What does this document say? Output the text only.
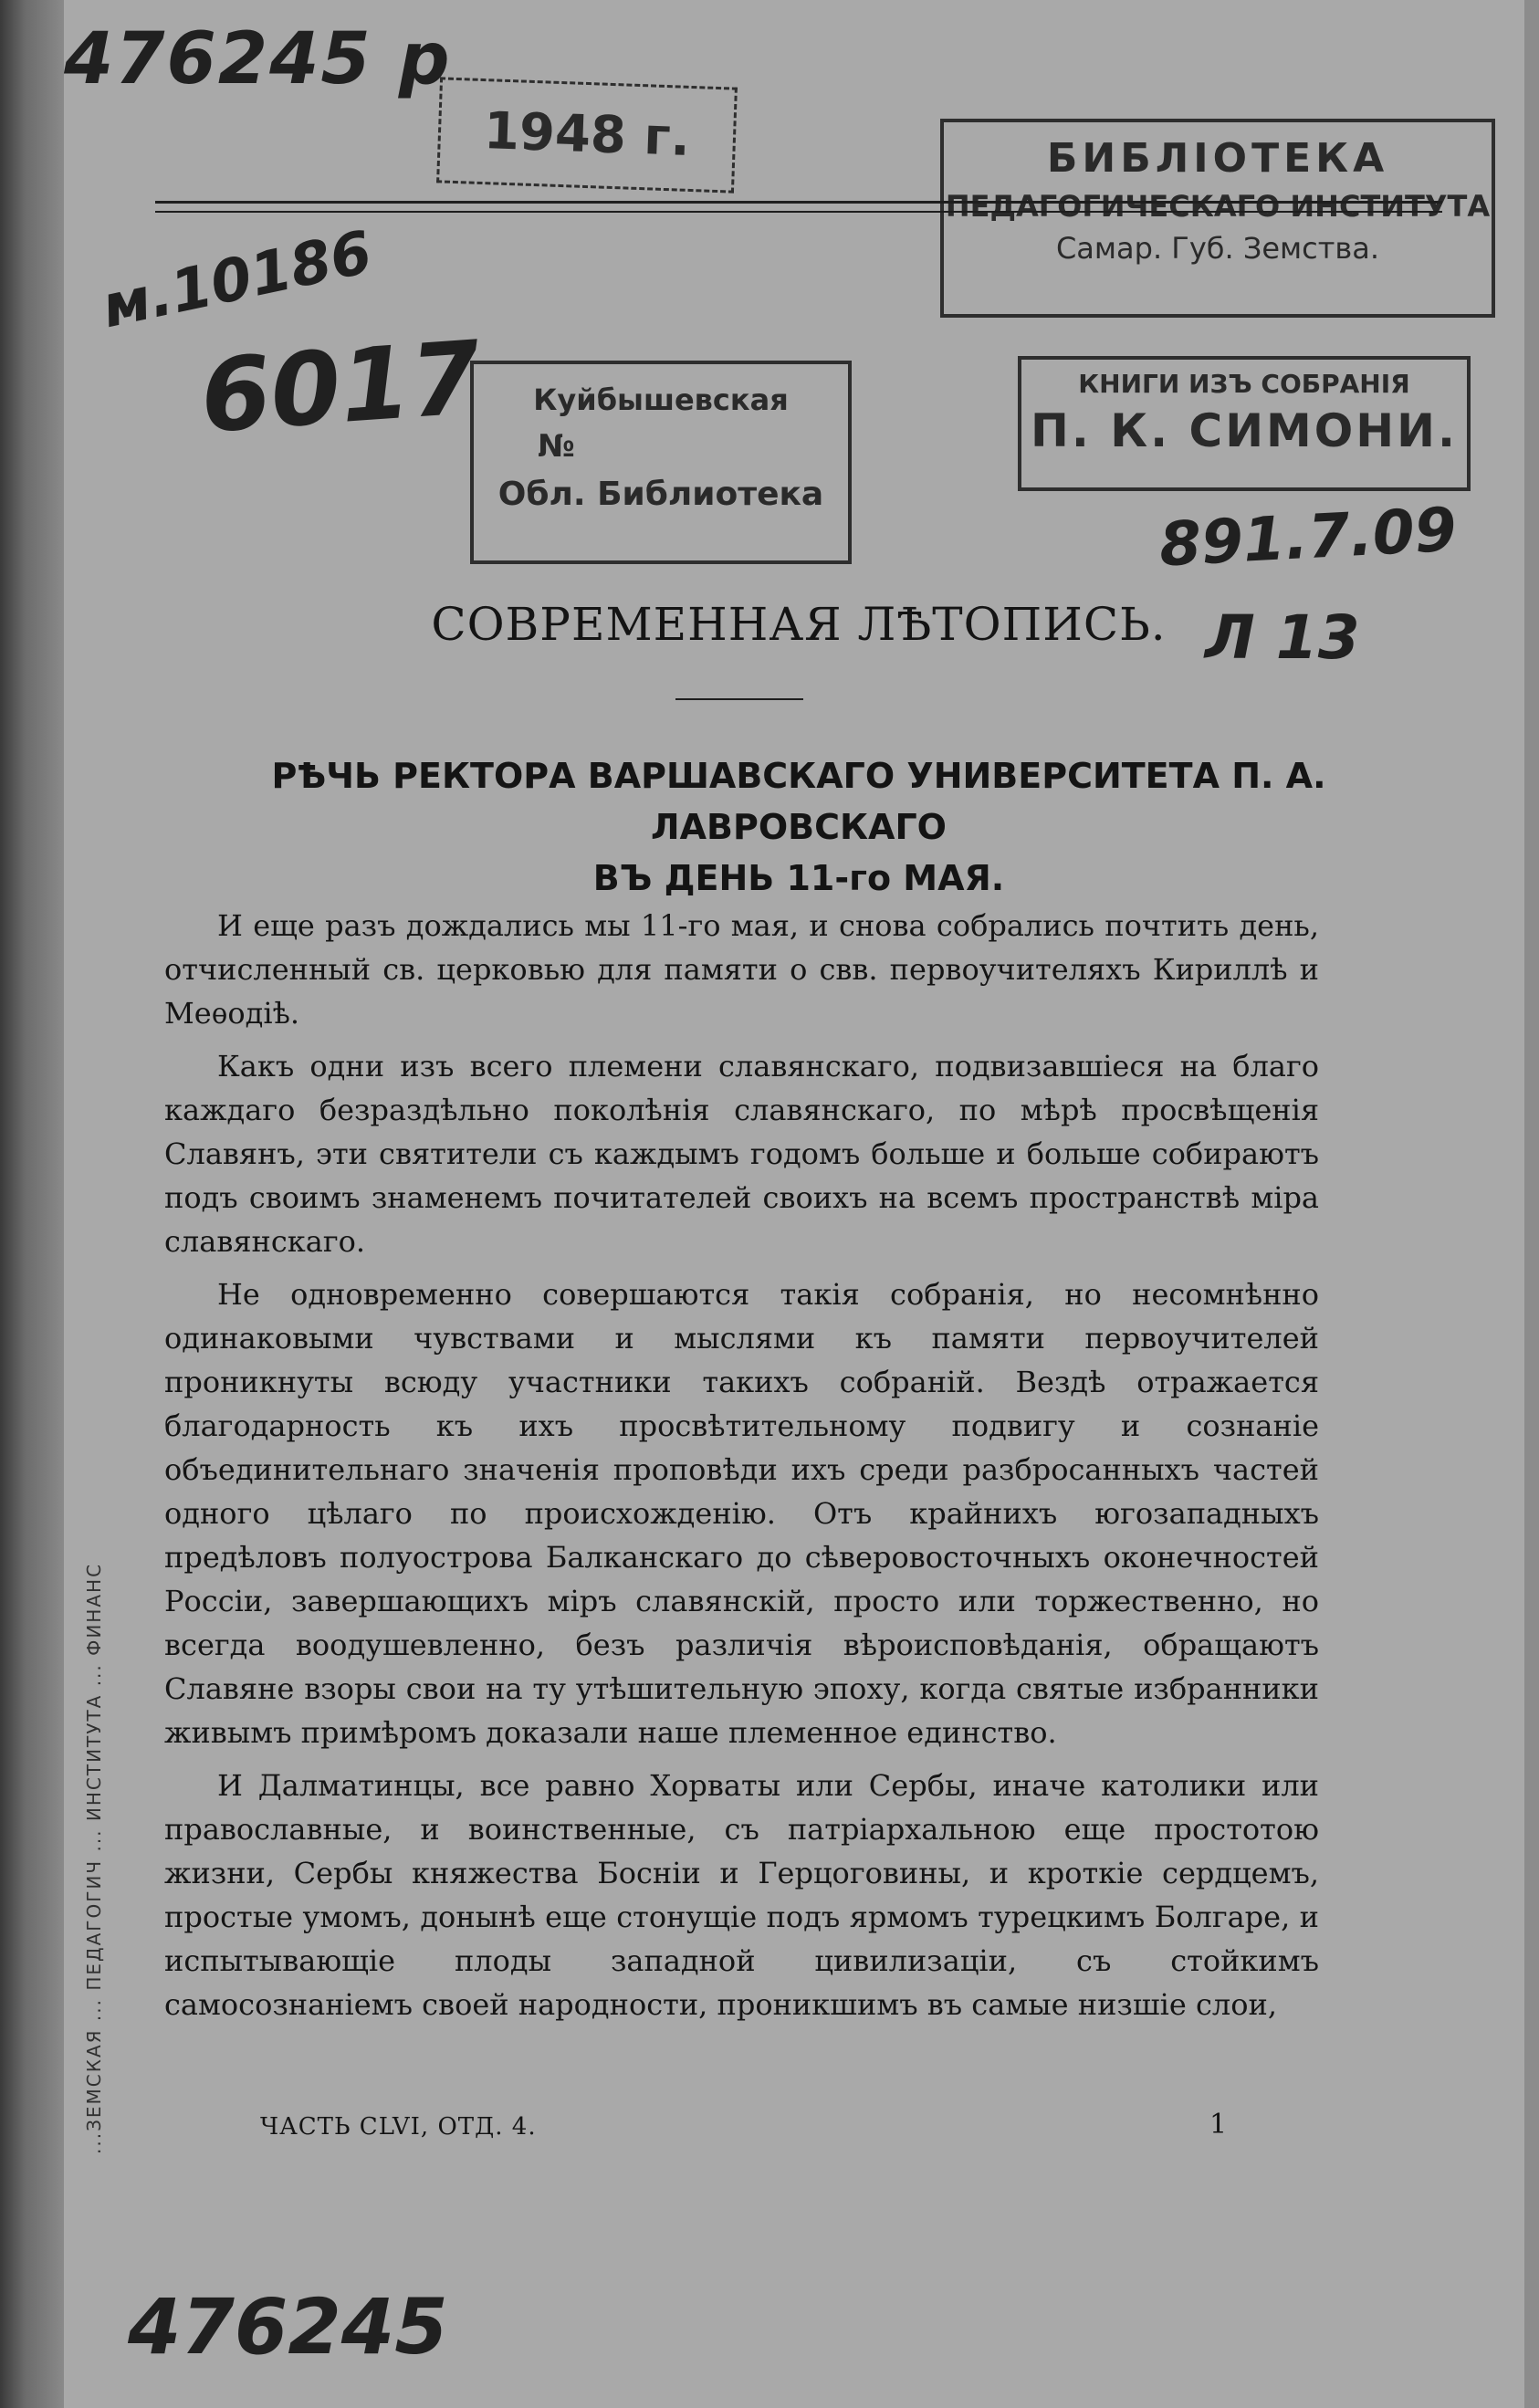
...ЗЕМСКАЯ ... ПЕДАГОГИЧ ... ИНСТИТУТА ... ФИНАНС
476245 р
м.10186
6017
891.7.09
Л 13
476245
1948 г.	БИБЛIОТЕКА
ПЕДАГОГИЧЕСКАГО ИНСТИТУТА
Самар. Губ. Земства.
КНИГИ ИЗЪ СОБРАНIЯ
П. К. СИМОНИ.
Куйбышевская
№
Обл. Библиотека
СОВРЕМЕННАЯ ЛѢТОПИСЬ.
РѢЧЬ РЕКТОРА ВАРШАВСКАГО УНИВЕРСИТЕТА П. А. ЛАВРОВСКАГО
ВЪ ДЕНЬ 11-го МАЯ.

И еще разъ дождались мы 11-го мая, и снова собрались почтить день, отчисленный св. церковью для памяти о свв. первоучителяхъ Кириллѣ и Меѳодіѣ.

Какъ одни изъ всего племени славянскаго, подвизавшіеся на благо каждаго безраздѣльно поколѣнія славянскаго, по мѣрѣ просвѣщенія Славянъ, эти святители съ каждымъ годомъ больше и больше собираютъ подъ своимъ знаменемъ почитателей своихъ на всемъ пространствѣ міра славянскаго.

Не одновременно совершаются такія собранія, но несомнѣнно одинаковыми чувствами и мыслями къ памяти первоучителей проникнуты всюду участники такихъ собраній. Вездѣ отражается благодарность къ ихъ просвѣтительному подвигу и сознаніе объединительнаго значенія проповѣди ихъ среди разбросанныхъ частей одного цѣлаго по происхожденію. Отъ крайнихъ югозападныхъ предѣловъ полуострова Балканскаго до сѣверовосточныхъ оконечностей Россіи, завершающихъ міръ славянскій, просто или торжественно, но всегда воодушевленно, безъ различія вѣроисповѣданія, обращаютъ Славяне взоры свои на ту утѣшительную эпоху, когда святые избранники живымъ примѣромъ доказали наше племенное единство.

И Далматинцы, все равно Хорваты или Сербы, иначе католики или православные, и воинственные, съ патріархальною еще простотою жизни, Сербы княжества Босніи и Герцоговины, и кроткіе сердцемъ, простые умомъ, донынѣ еще стонущіе подъ ярмомъ турецкимъ Болгаре, и испытывающіе плоды западной цивилизаціи, съ стойкимъ самосознаніемъ своей народности, проникшимъ въ самые низшіе слои,

ЧАСТЬ CLVI, ОТД. 4.	1
